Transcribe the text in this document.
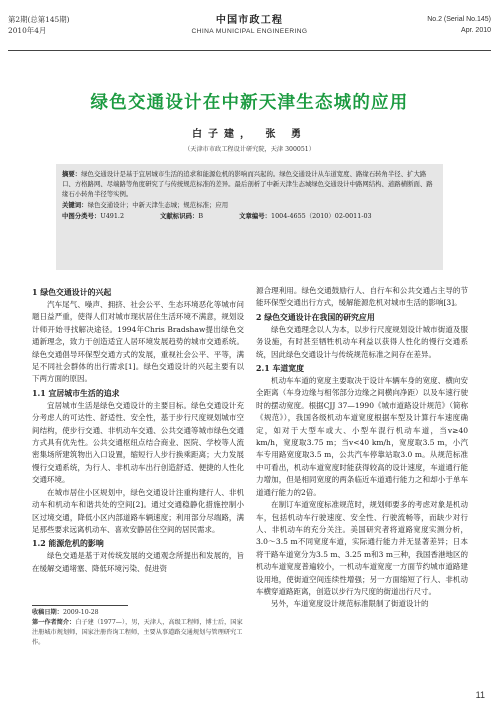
第2期(总第145期)
2010年4月
中国市政工程
CHINA MUNICIPAL ENGINEERING
No.2 (Serial No.145)
Apr. 2010
绿色交通设计在中新天津生态城的应用
白子建， 张 勇
（天津市市政工程设计研究院，天津 300051）
摘要：绿色交通设计是基于宜居城市生活的追求和能源危机的影响而兴起的。绿色交通设计从车道宽度、路缘石转角半径、扩大路口、方格路网、尽端路等角度研究了与传统规范标准的差异。最后剖析了中新天津生态城绿色交通设计中路网结构、道路横断面、路缘石小转角半径等实例。
关键词：绿色交通设计；中新天津生态城；规范标准；应用
中图分类号：U491.2	文献标识码：B	文章编号：1004-4655（2010）02-0011-03
1 绿色交通设计的兴起

汽车尾气、噪声、拥挤、社会公平、生态环境恶化等城市问题日益严重，使得人们对城市现状居住生活环境不满意，规划设计师开始寻找解决途径。1994年Chris Bradshaw提出绿色交通新理念，致力于创造适宜人居环境发展趋势的城市交通系统。绿色交通倡导环保型交通方式的发展，重视社会公平、平等，满足不同社会群体的出行需求[1]。绿色交通设计的兴起主要有以下两方面的原因。

1.1 宜居城市生活的追求

宜居城市生活是绿色交通设计的主要目标。绿色交通设计充分考虑人的可达性、舒适性、安全性，基于步行尺度规划城市空间结构，使步行交通、非机动车交通、公共交通等城市绿色交通方式具有优先性。公共交通枢纽点结合商业、医院、学校等人流密集场所建筑物出入口设置，缩短行人步行换乘距离；大力发展慢行交通系统，为行人、非机动车出行创造舒适、便捷的人性化交通环境。

在城市居住小区规划中，绿色交通设计注重构建行人、非机动车和机动车和谐共处的空间[2]。通过交通稳静化措施控制小区过境交通，降低小区内部道路车辆速度；利用部分尽端路，满足那些要求远离机动车、喜欢安静居住空间的居民需求。

1.2 能源危机的影响

绿色交通是基于对传统发展的交通观念所提出和发展的，旨在缓解交通堵塞、降低环境污染、促进资

收稿日期：2009-10-28
第一作者简介：白子建（1977—），男，天津人，高级工程师，博士后，国家注册城市规划师，国家注册咨询工程师，主要从事道路交通规划与管理研究工作。

源合理利用。绿色交通鼓励行人、自行车和公共交通占主导的节能环保型交通出行方式，缓解能源危机对城市生活的影响[3]。

2 绿色交通设计在我国的研究应用

绿色交通理念以人为本，以步行尺度规划设计城市街道及服务设施，有时甚至牺牲机动车利益以获得人性化的慢行交通系统，因此绿色交通设计与传统规范标准之间存在差异。

2.1 车道宽度

机动车车道的宽度主要取决于设计车辆车身的宽度、横向安全距离（车身边缘与相邻部分边缘之间横向净距）以及车速行驶时的摆动宽度。根据CJJ 37—1990《城市道路设计规范》（简称《规范》），我国各级机动车道宽度根据车型及计算行车速度确定，如对于大型车或大、小型车混行机动车道，当v≥40 km/h，宽度取3.75 m；当v<40 km/h，宽度取3.5 m，小汽车专用路宽度取3.5 m，公共汽车停靠站取3.0 m。从规范标准中可看出，机动车道宽度时能获得较高的设计速度，车道通行能力增加，但是相同宽度的两条临近车道通行能力之和却小于单车道通行能力的2倍。

在制订车道宽度标准规范时，规划师要多的考虑对象是机动车，包括机动车行驶速度、安全性、行驶流畅等，而缺少对行人、非机动车的充分关注。美国研究者将道路宽度实测分析，3.0～3.5 m不同宽度车道，实际通行能力并无显著差异；日本将干路车道宽分为3.5 m、3.25 m和3 m三种，我国香港地区的机动车道宽度普遍较小，一机动车道宽度一方面节约城市道路建设用地，使街道空间连续性增强；另一方面缩短了行人、非机动车横穿道路距离，创造以步行为尺度的街道出行尺寸。

另外，车道宽度设计规范标准限制了街道设计的

11
